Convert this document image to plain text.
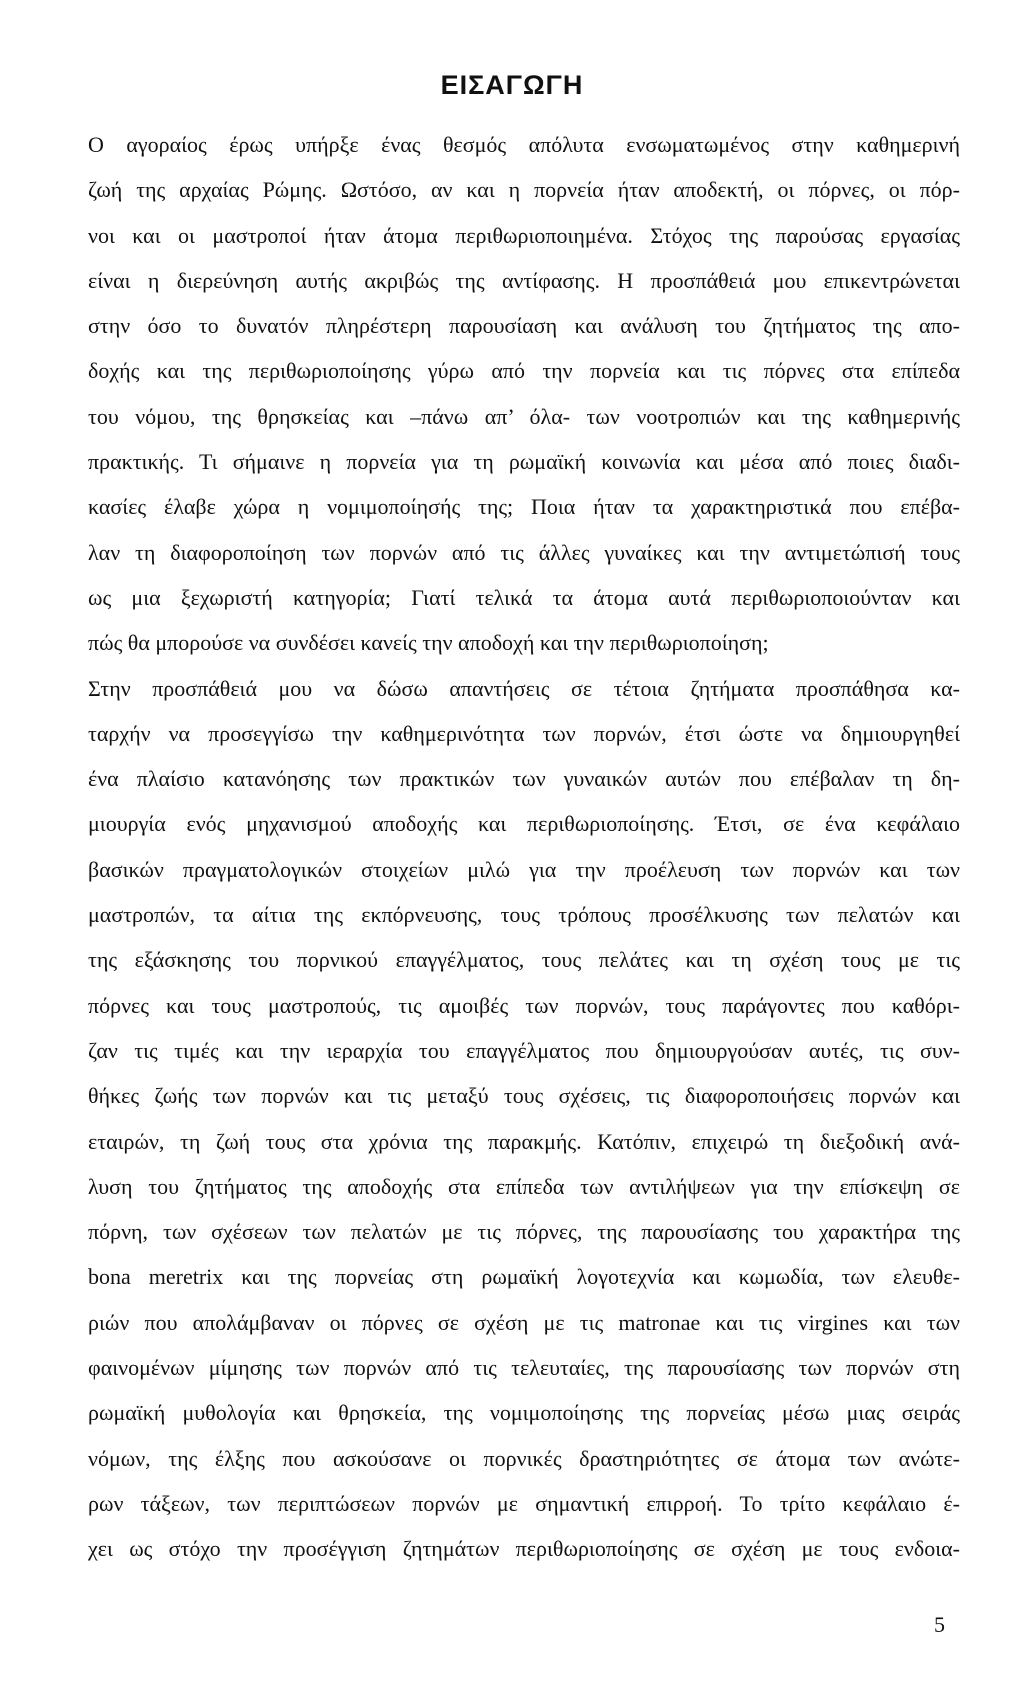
ΕΙΣΑΓΩΓΗ

Ο αγοραίος έρως υπήρξε ένας θεσμός απόλυτα ενσωματωμένος στην καθημερινή

ζωή της αρχαίας Ρώμης. Ωστόσο, αν και η πορνεία ήταν αποδεκτή, οι πόρνες, οι πόρ-

νοι και οι μαστροποί ήταν άτομα περιθωριοποιημένα. Στόχος της παρούσας εργασίας

είναι η διερεύνηση αυτής ακριβώς της αντίφασης. Η προσπάθειά μου επικεντρώνεται

στην όσο το δυνατόν πληρέστερη παρουσίαση και ανάλυση του ζητήματος της απο-

δοχής και της περιθωριοποίησης γύρω από την πορνεία και τις πόρνες στα επίπεδα

του νόμου, της θρησκείας και –πάνω απ’ όλα- των νοοτροπιών και της καθημερινής

πρακτικής. Τι σήμαινε η πορνεία για τη ρωμαϊκή κοινωνία και μέσα από ποιες διαδι-

κασίες έλαβε χώρα η νομιμοποίησής της; Ποια ήταν τα χαρακτηριστικά που επέβα-

λαν τη διαφοροποίηση των πορνών από τις άλλες γυναίκες και την αντιμετώπισή τους

ως μια ξεχωριστή κατηγορία; Γιατί τελικά τα άτομα αυτά περιθωριοποιούνταν και

πώς θα μπορούσε να συνδέσει κανείς την αποδοχή και την περιθωριοποίηση;

Στην προσπάθειά μου να δώσω απαντήσεις σε τέτοια ζητήματα προσπάθησα κα-

ταρχήν να προσεγγίσω την καθημερινότητα των πορνών, έτσι ώστε να δημιουργηθεί

ένα πλαίσιο κατανόησης των πρακτικών των γυναικών αυτών που επέβαλαν τη δη-

μιουργία ενός μηχανισμού αποδοχής και περιθωριοποίησης. Έτσι, σε ένα κεφάλαιο

βασικών πραγματολογικών στοιχείων μιλώ για την προέλευση των πορνών και των

μαστροπών, τα αίτια της εκπόρνευσης, τους τρόπους προσέλκυσης των πελατών και

της εξάσκησης του πορνικού επαγγέλματος, τους πελάτες και τη σχέση τους με τις

πόρνες και τους μαστροπούς, τις αμοιβές των πορνών, τους παράγοντες που καθόρι-

ζαν τις τιμές και την ιεραρχία του επαγγέλματος που δημιουργούσαν αυτές, τις συν-

θήκες ζωής των πορνών και τις μεταξύ τους σχέσεις, τις διαφοροποιήσεις πορνών και

εταιρών, τη ζωή τους στα χρόνια της παρακμής. Κατόπιν, επιχειρώ τη διεξοδική ανά-

λυση του ζητήματος της αποδοχής στα επίπεδα των αντιλήψεων για την επίσκεψη σε

πόρνη, των σχέσεων των πελατών με τις πόρνες, της παρουσίασης του χαρακτήρα της

bona meretrix και της πορνείας στη ρωμαϊκή λογοτεχνία και κωμωδία, των ελευθε-

ριών που απολάμβαναν οι πόρνες σε σχέση με τις matronae και τις virgines και των

φαινομένων μίμησης των πορνών από τις τελευταίες, της παρουσίασης των πορνών στη

ρωμαϊκή μυθολογία και θρησκεία, της νομιμοποίησης της πορνείας μέσω μιας σειράς

νόμων, της έλξης που ασκούσανε οι πορνικές δραστηριότητες σε άτομα των ανώτε-

ρων τάξεων, των περιπτώσεων πορνών με σημαντική επιρροή. Το τρίτο κεφάλαιο έ-

χει ως στόχο την προσέγγιση ζητημάτων περιθωριοποίησης σε σχέση με τους ενδοια-

5
